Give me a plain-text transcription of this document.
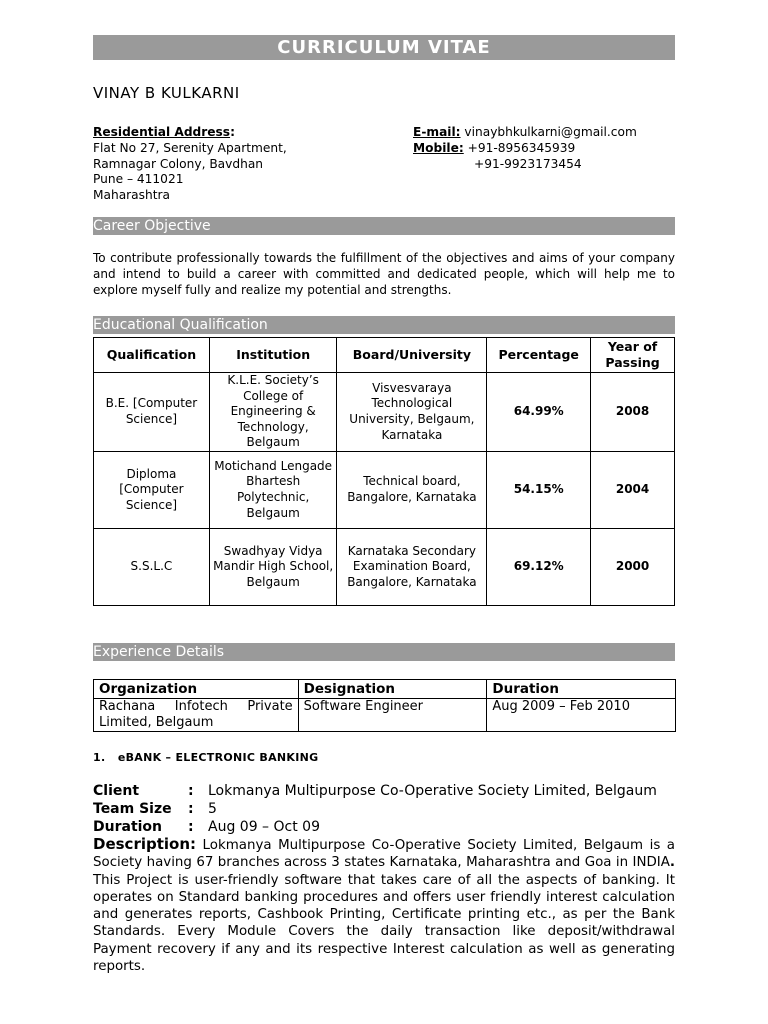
CURRICULUM VITAE
VINAY B KULKARNI
Residential Address:
Flat No 27, Serenity Apartment,
Ramnagar Colony, Bavdhan
Pune – 411021
Maharashtra
E-mail: vinaybhkulkarni@gmail.com
Mobile: +91-8956345939
+91-9923173454
Career Objective
To contribute professionally towards the fulfillment of the objectives and aims of your company and intend to build a career with committed and dedicated people, which will help me to explore myself fully and realize my potential and strengths.
Educational Qualification
Qualification	Institution	Board/University	Percentage	Year of Passing
B.E. [Computer Science]	K.L.E. Society’s College of Engineering & Technology, Belgaum	Visvesvaraya Technological University, Belgaum, Karnataka	64.99%	2008
Diploma [Computer Science]	Motichand Lengade Bhartesh Polytechnic, Belgaum	Technical board, Bangalore, Karnataka	54.15%	2004
S.S.L.C	Swadhyay Vidya Mandir High School, Belgaum	Karnataka Secondary Examination Board, Bangalore, Karnataka	69.12%	2000
Experience Details
Organization	Designation	Duration
Rachana Infotech Private Limited, Belgaum	Software Engineer	Aug 2009 – Feb 2010
1.   eBANK – ELECTRONIC BANKING
Client	: Lokmanya Multipurpose Co-Operative Society Limited, Belgaum
Team Size : 5
Duration : Aug 09 – Oct 09
Description: Lokmanya Multipurpose Co-Operative Society Limited, Belgaum is a Society having 67 branches across 3 states Karnataka, Maharashtra and Goa in INDIA. This Project is user-friendly software that takes care of all the aspects of banking. It operates on Standard banking procedures and offers user friendly interest calculation and generates reports, Cashbook Printing, Certificate printing etc., as per the Bank Standards. Every Module Covers the daily transaction like deposit/withdrawal Payment recovery if any and its respective Interest calculation as well as generating reports.
